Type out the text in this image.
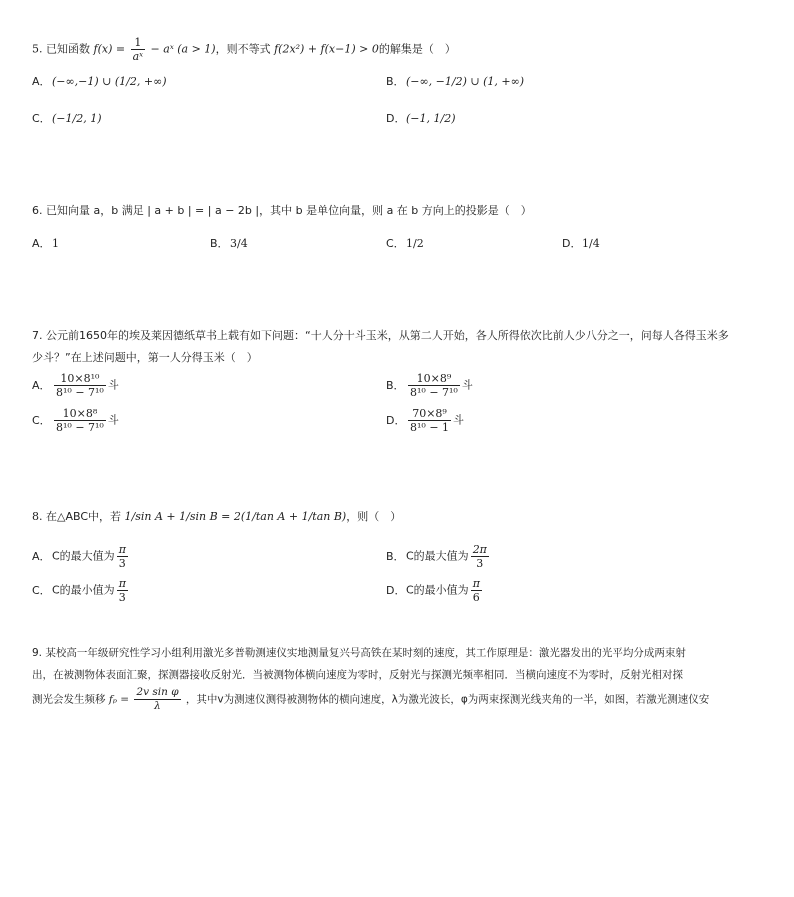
5. 已知函数 $f(x) = \frac{1}{\text{aˣ}}$ − aˣ (a > 1)，则不等式 f(2x²) + f(x−1) > 0的解集是（　）
A．(−∞,−1) ∪ (1/2, +∞)	B．(−∞, −1/2) ∪ (1, +∞)
C．(−1/2, 1)	D．(−1, 1/2)
6. 已知向量 a，b 满足 | a + b | = | a − 2b |，其中 b 是单位向量，则 a 在 b 方向上的投影是（　）
A．1	B．3/4	C．1/2	D．1/4
7. 公元前1650年的埃及莱因德纸草书上载有如下问题：“十人分十斗玉米，从第二人开始，各人所得依次比前人少八分之一，问每人各得玉米多
少斗？”在上述问题中，第一人分得玉米（　）
A． $\frac{\text{10×8¹⁰}}{\text{8¹⁰ − 7¹⁰}}$ 斗	B． $\frac{\text{10×8⁹}}{\text{8¹⁰ − 7¹⁰}}$ 斗
C． $\frac{\text{10×8⁸}}{\text{8¹⁰ − 7¹⁰}}$ 斗	D． $\frac{\text{70×8⁹}}{\text{8¹⁰ − 1}}$ 斗
8. 在△ABC中，若 1/sin A + 1/sin B = 2(1/tan A + 1/tan B)，则（　）
A．C的最大值为 $\frac{\pi}{3}$	B．C的最大值为 $\frac{2\pi}{3}$
C．C的最小值为 $\frac{\pi}{3}$	D．C的最小值为 $\frac{\pi}{6}$
9. 某校高一年级研究性学习小组利用激光多普勒测速仪实地测量复兴号高铁在某时刻的速度，其工作原理是：激光器发出的光平均分成两束射
出，在被测物体表面汇聚，探测器接收反射光．当被测物体横向速度为零时，反射光与探测光频率相同．当横向速度不为零时，反射光相对探
测光会发生频移 $f_p = \frac{\text{2v sin φ}}{\lambda}$ ，其中v为测速仪测得被测物体的横向速度，λ为激光波长，φ为两束探测光线夹角的一半，如图，若激光测速仪安
